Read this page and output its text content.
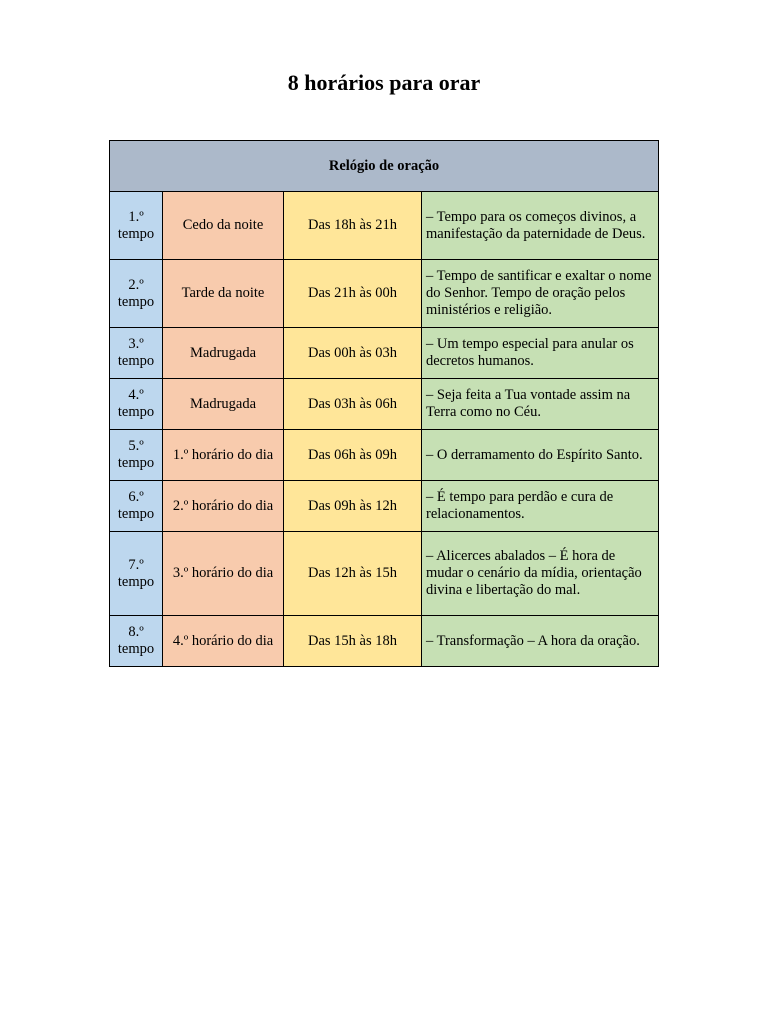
8 horários para orar
Relógio de oração			
1.º tempo	Cedo da noite	Das 18h às 21h	– Tempo para os começos divinos, a manifestação da paternidade de Deus.
2.º tempo	Tarde da noite	Das 21h às 00h	– Tempo de santificar e exaltar o nome do Senhor. Tempo de oração pelos ministérios e religião.
3.º tempo	Madrugada	Das 00h às 03h	– Um tempo especial para anular os decretos humanos.
4.º tempo	Madrugada	Das 03h às 06h	– Seja feita a Tua vontade assim na Terra como no Céu.
5.º tempo	1.º horário do dia	Das 06h às 09h	– O derramamento do Espírito Santo.
6.º tempo	2.º horário do dia	Das 09h às 12h	– É tempo para perdão e cura de relacionamentos.
7.º tempo	3.º horário do dia	Das 12h às 15h	– Alicerces abalados – É hora de mudar o cenário da mídia, orientação divina e libertação do mal.
8.º tempo	4.º horário do dia	Das 15h às 18h	– Transformação – A hora da oração.
